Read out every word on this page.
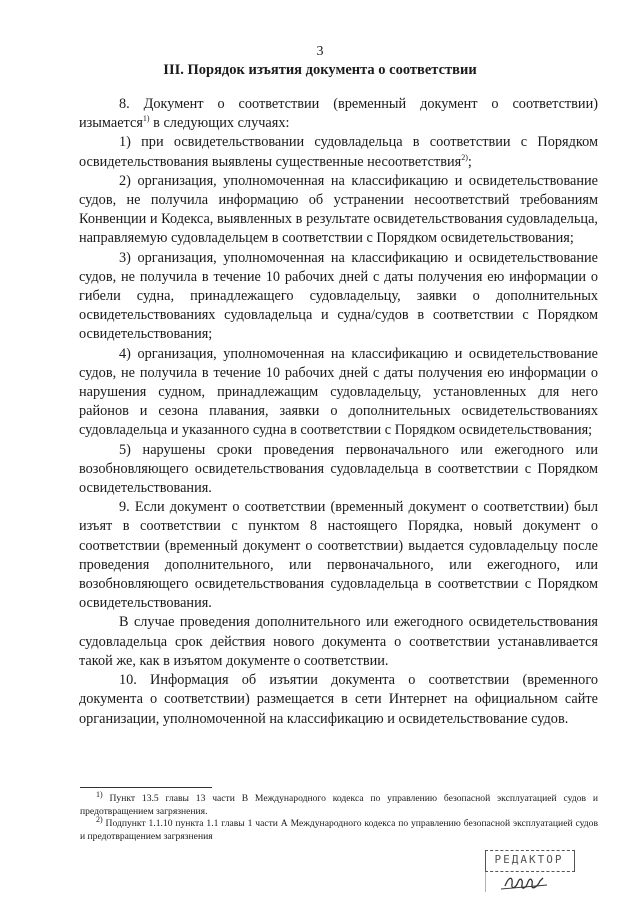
3
III. Порядок изъятия документа о соответствии

8. Документ о соответствии (временный документ о соответствии) изымается$^{1)}$ в следующих случаях:

1) при освидетельствовании судовладельца в соответствии с Порядком освидетельствования выявлены существенные несоответствия$^{2)}$;

2) организация, уполномоченная на классификацию и освидетельствование судов, не получила информацию об устранении несоответствий требованиям Конвенции и Кодекса, выявленных в результате освидетельствования судовладельца, направляемую судовладельцем в соответствии с Порядком освидетельствования;

3) организация, уполномоченная на классификацию и освидетельствование судов, не получила в течение 10 рабочих дней с даты получения ею информации о гибели судна, принадлежащего судовладельцу, заявки о дополнительных освидетельствованиях судовладельца и судна/судов в соответствии с Порядком освидетельствования;

4) организация, уполномоченная на классификацию и освидетельствование судов, не получила в течение 10 рабочих дней с даты получения ею информации о нарушения судном, принадлежащим судовладельцу, установленных для него районов и сезона плавания, заявки о дополнительных освидетельствованиях судовладельца и указанного судна в соответствии с Порядком освидетельствования;

5) нарушены сроки проведения первоначального или ежегодного или возобновляющего освидетельствования судовладельца в соответствии с Порядком освидетельствования.

9. Если документ о соответствии (временный документ о соответствии) был изъят в соответствии с пунктом 8 настоящего Порядка, новый документ о соответствии (временный документ о соответствии) выдается судовладельцу после проведения дополнительного, или первоначального, или ежегодного, или возобновляющего освидетельствования судовладельца в соответствии с Порядком освидетельствования.

В случае проведения дополнительного или ежегодного освидетельствования судовладельца срок действия нового документа о соответствии устанавливается такой же, как в изъятом документе о соответствии.

10. Информация об изъятии документа о соответствии (временного документа о соответствии) размещается в сети Интернет на официальном сайте организации, уполномоченной на классификацию и освидетельствование судов.

$^{1)}$ Пункт 13.5 главы 13 части В Международного кодекса по управлению безопасной эксплуатацией судов и предотвращением загрязнения.

$^{2)}$ Подпункт 1.1.10 пункта 1.1 главы 1 части А Международного кодекса по управлению безопасной эксплуатацией судов и предотвращением загрязнения

РЕДАКТОР
